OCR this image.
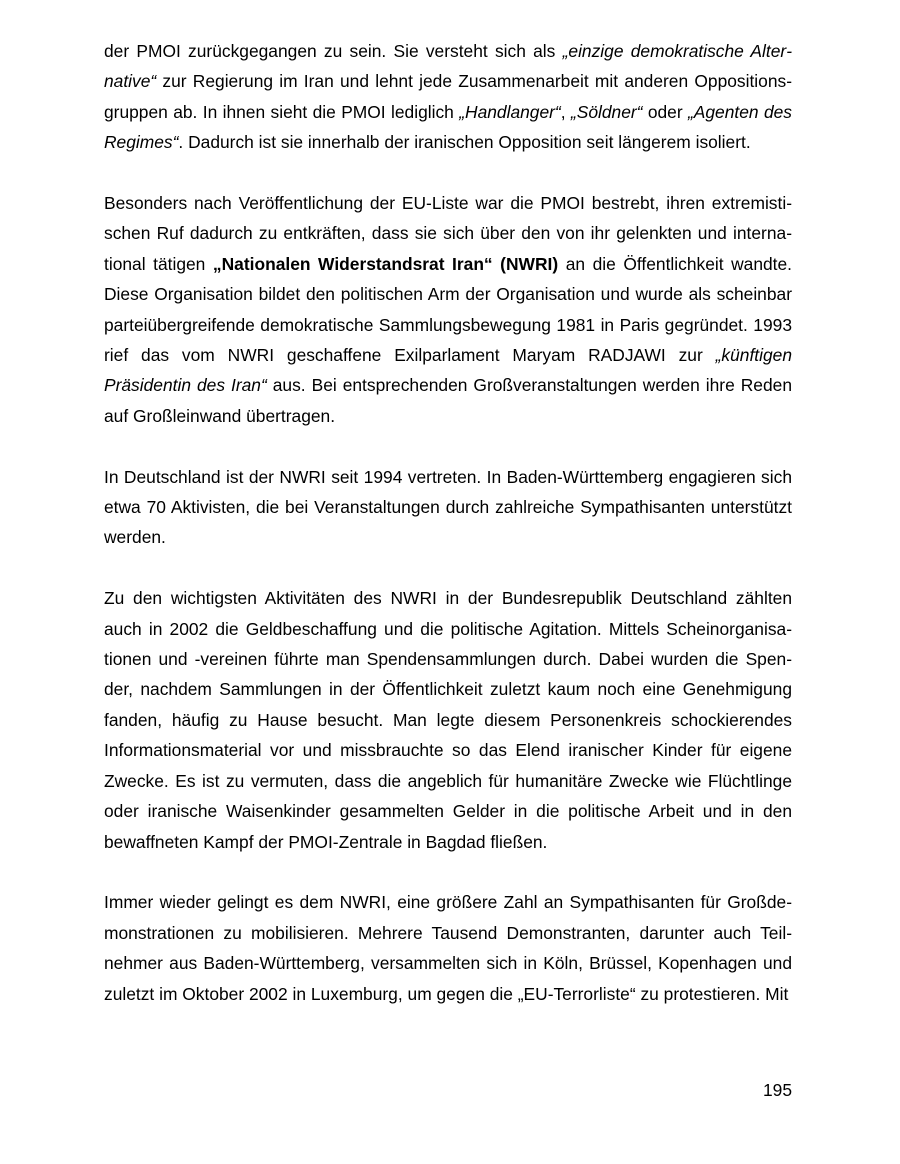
der PMOI zurückgegangen zu sein. Sie versteht sich als „einzige demokratische Alternative“ zur Regierung im Iran und lehnt jede Zusammenarbeit mit anderen Oppositionsgruppen ab. In ihnen sieht die PMOI lediglich „Handlanger“, „Söldner“ oder „Agenten des Regimes“. Dadurch ist sie innerhalb der iranischen Opposition seit längerem isoliert.

Besonders nach Veröffentlichung der EU-Liste war die PMOI bestrebt, ihren extremistischen Ruf dadurch zu entkräften, dass sie sich über den von ihr gelenkten und international tätigen „Nationalen Widerstandsrat Iran“ (NWRI) an die Öffentlichkeit wandte. Diese Organisation bildet den politischen Arm der Organisation und wurde als scheinbar parteiübergreifende demokratische Sammlungsbewegung 1981 in Paris gegründet. 1993 rief das vom NWRI geschaffene Exilparlament Maryam RADJAWI zur „künftigen Präsidentin des Iran“ aus. Bei entsprechenden Großveranstaltungen werden ihre Reden auf Großleinwand übertragen.

In Deutschland ist der NWRI seit 1994 vertreten. In Baden-Württemberg engagieren sich etwa 70 Aktivisten, die bei Veranstaltungen durch zahlreiche Sympathisanten unterstützt werden.

Zu den wichtigsten Aktivitäten des NWRI in der Bundesrepublik Deutschland zählten auch in 2002 die Geldbeschaffung und die politische Agitation. Mittels Scheinorganisationen und -vereinen führte man Spendensammlungen durch. Dabei wurden die Spender, nachdem Sammlungen in der Öffentlichkeit zuletzt kaum noch eine Genehmigung fanden, häufig zu Hause besucht. Man legte diesem Personenkreis schockierendes Informationsmaterial vor und missbrauchte so das Elend iranischer Kinder für eigene Zwecke. Es ist zu vermuten, dass die angeblich für humanitäre Zwecke wie Flüchtlinge oder iranische Waisenkinder gesammelten Gelder in die politische Arbeit und in den bewaffneten Kampf der PMOI-Zentrale in Bagdad fließen.

Immer wieder gelingt es dem NWRI, eine größere Zahl an Sympathisanten für Großdemonstrationen zu mobilisieren. Mehrere Tausend Demonstranten, darunter auch Teilnehmer aus Baden-Württemberg, versammelten sich in Köln, Brüssel, Kopenhagen und zuletzt im Oktober 2002 in Luxemburg, um gegen die „EU-Terrorliste“ zu protestieren. Mit

195
